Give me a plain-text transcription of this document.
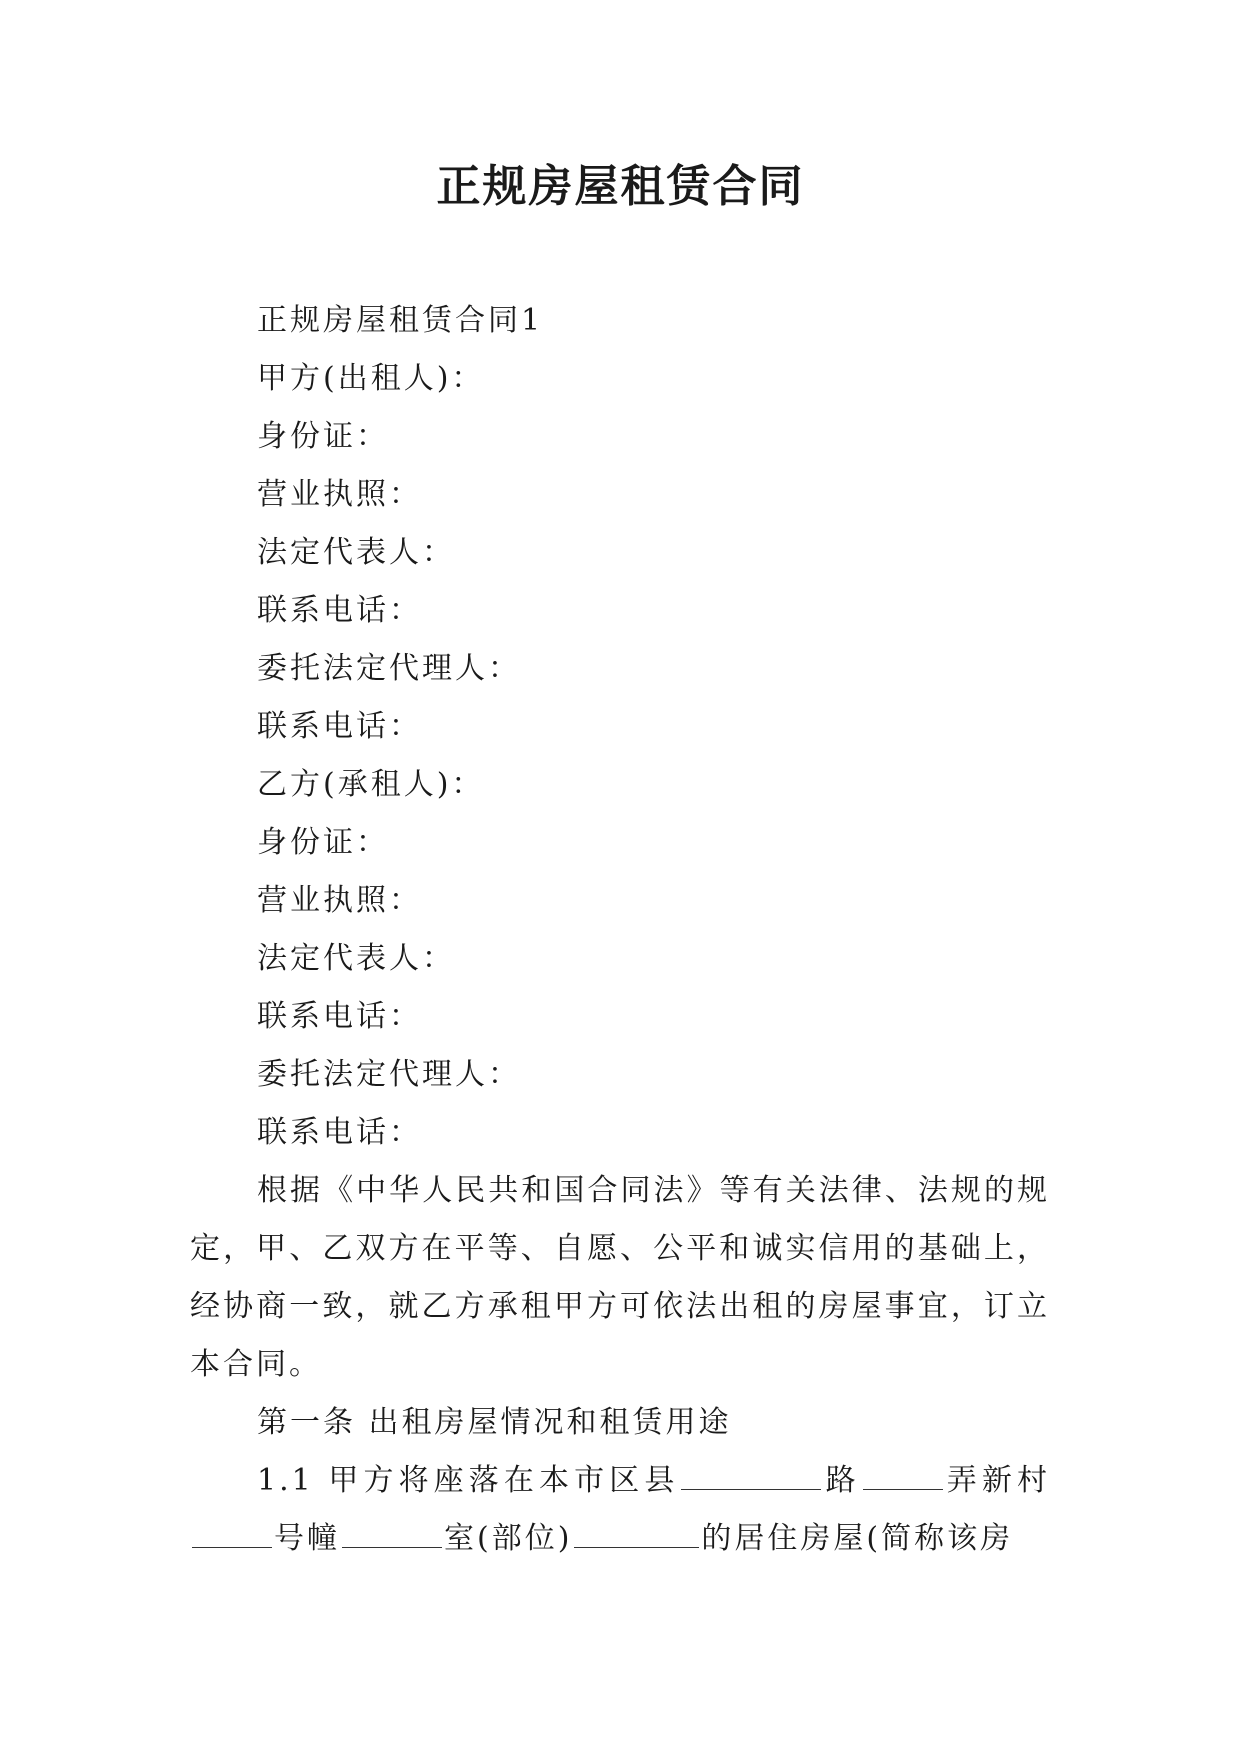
正规房屋租赁合同

正规房屋租赁合同1

甲方(出租人)：

身份证：

营业执照：

法定代表人：

联系电话：

委托法定代理人：

联系电话：

乙方(承租人)：

身份证：

营业执照：

法定代表人：

联系电话：

委托法定代理人：

联系电话：

根据《中华人民共和国合同法》等有关法律、法规的规定，甲、乙双方在平等、自愿、公平和诚实信用的基础上，经协商一致，就乙方承租甲方可依法出租的房屋事宜，订立本合同。

第一条 出租房屋情况和租赁用途

1.1 甲方将座落在本市区县	路	弄新村号幢	室(部位)	的居住房屋(简称该房
